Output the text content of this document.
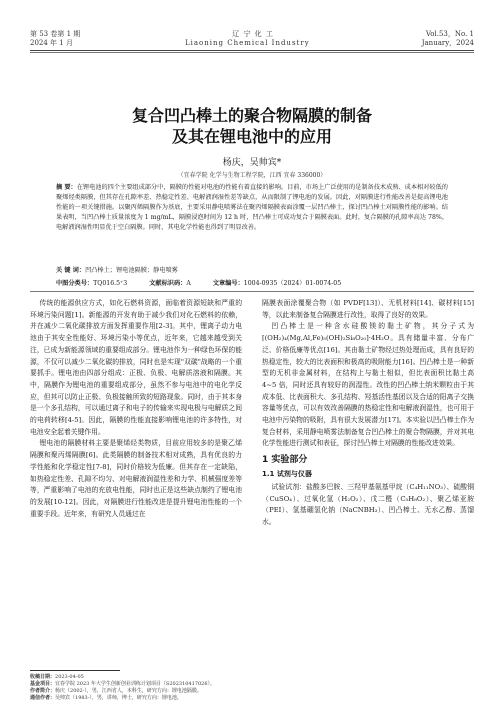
第 53 卷第 1 期	辽 宁 化 工	Vol.53，No. 1
2024 年 1 月	Liaoning Chemical Industry	January，2024
复合凹凸棒土的聚合物隔膜的制备
及其在锂电池中的应用
杨庆，吴帅宾*
（宜春学院 化学与生物工程学院，江西 宜春 336000）
摘 要：在锂电池的四个主要组成部分中，隔膜的性能对电池的性能有着直接的影响。目前，市场上广泛使用的是制备技术成熟、成本相对较低的聚烯烃类隔膜，但其存在孔隙率差、热稳定性差、电解液润湿性差等缺点，从而限制了锂电池的发展。因此，对隔膜进行性能改善是提高锂电池性能的一项关键措施。以聚丙烯隔膜作为基底，主要采用静电喷雾法在聚丙烯隔膜表面涂覆一层凹凸棒土，探讨凹凸棒土对隔膜性能的影响。结果表明，当凹凸棒土质量浓度为 1 mg/mL，隔膜浸泡时间为 12 h 时，凹凸棒土可成功复合于隔膜表面。此时，复合隔膜的孔隙率高达 78%，电解液润湿性明显优于空白隔膜。同时，其电化学性能也得到了明显改善。
关 键 词：凹凸棒土；锂电池隔膜；静电喷雾
中图分类号：TQ016.5⁺3	文献标识码：A	文章编号：1004-0935（2024）01-0074-05

传统的能源供应方式，如化石燃料资源，面临着资源短缺和严重的环境污染问题[1]。新能源的开发有助于减少我们对化石燃料的依赖，并在减少二氧化碳排放方面发挥重要作用[2-3]。其中，锂离子动力电池由于其安全性能好、环境污染小等优点，近年来，它越来越受到关注，已成为新能源领域的重要组成部分。锂电池作为一种绿色环保的能源，不仅可以减少二氧化碳的排放，同时也是实现"双碳"战略的一个重要抓手。锂电池由四部分组成：正极、负极、电解质溶液和隔膜。其中，隔膜作为锂电池的重要组成部分，虽然不参与电池中的电化学反应，但其可以防止正极、负极接触所致的短路现象。同时，由于其本身是一个多孔结构，可以通过离子和电子的传输来实现电极与电解质之间的电荷转移[4-5]。因此，隔膜的性能直接影响锂电池的许多特性，对电池安全起着关键作用。

锂电池的隔膜材料主要是聚烯烃类物质，目前应用较多的是聚乙烯隔膜和聚丙烯隔膜[6]。此类隔膜的制备技术相对成熟，具有优良的力学性能和化学稳定性[7-8]，同时价格较为低廉。但其存在一定缺陷，如热稳定性差、孔隙不均匀、对电解液润湿性差和力学、机械强度差等等，严重影响了电池的充放电性能，同时也正是这些缺点制约了锂电池的发展[10-12]。因此，对隔膜进行性能改进是提升锂电池性能的一个重要手段。近年来，有研究人员通过在

隔膜表面涂覆聚合物（如 PVDF[13]）、无机材料[14]、碳材料[15]等，以此来制备复合隔膜进行改性，取得了良好的效果。

凹凸棒土是一种含水硅酸镁的黏土矿物，其分子式为[(OH₂)₄(Mg,Al,Fe)₅(OH)₂Si₈O₂₀]·4H₂O。具有储量丰富、分布广泛、价格低廉等优点[16]。其由黏土矿物经过热处理而成，具有良好的热稳定性，较大的比表面积和极高的吸附能力[16]。凹凸棒土是一种新型的无机非金属材料，在结构上与黏土相似，但比表面积比黏土高 4~5 倍，同时还具有较好的润湿性。改性的凹凸棒土纳米颗粒由于其成本低、比表面积大、多孔结构、羟基活性基团以及合适的阳离子交换容量等优点，可以有效改善隔膜的热稳定性和电解液润湿性，也可用于电池中污染物的吸附，具有很大发展潜力[17]。本实验以凹凸棒土作为复合材料，采用静电喷雾法制备复合凹凸棒土的聚合物隔膜，并对其电化学性能进行测试和表征，探讨凹凸棒土对隔膜的性能改进效果。

1 实验部分
1.1 试剂与仪器

试验试剂：盐酸多巴胺、三羟甲基氨基甲烷（C₄H₁₁NO₃）、硫酸铜（CuSO₄）、过氧化氢（H₂O₂）、戊二醛（C₅H₈O₂）、聚乙烯亚胺（PEI）、氢基硼氢化钠（NaCNBH₃）、凹凸棒土、无水乙醇、蒸馏水。

收稿日期：2023-04-05
基金项目：宜春学院 2023 年大学生创新创业训练计划项目（S202310417026）。
作者简介：杨庆（2002-），男，江西省人，本科生，研究方向：锂电池隔膜。
通信作者：吴帅宾（1983-），男，讲师，博士，研究方向：锂电池。
